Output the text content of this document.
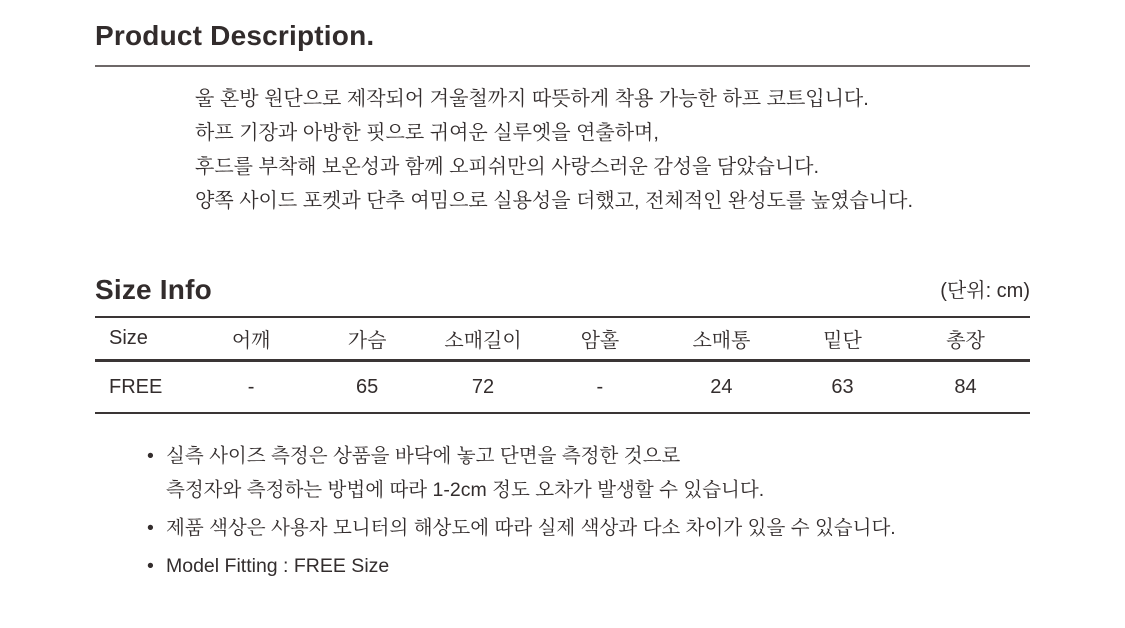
Product Description.

울 혼방 원단으로 제작되어 겨울철까지 따뜻하게 착용 가능한 하프 코트입니다.

하프 기장과 아방한 핏으로 귀여운 실루엣을 연출하며,

후드를 부착해 보온성과 함께 오피쉬만의 사랑스러운 감성을 담았습니다.

양쪽 사이드 포켓과 단추 여밈으로 실용성을 더했고, 전체적인 완성도를 높였습니다.

Size Info	(단위: cm)
Size	어깨	가슴	소매길이	암홀	소매통	밑단	총장
FREE	-	65	72	-	24	63	84
• 실측 사이즈 측정은 상품을 바닥에 놓고 단면을 측정한 것으로
측정자와 측정하는 방법에 따라 1-2cm 정도 오차가 발생할 수 있습니다.
• 제품 색상은 사용자 모니터의 해상도에 따라 실제 색상과 다소 차이가 있을 수 있습니다.
• Model Fitting : FREE Size
